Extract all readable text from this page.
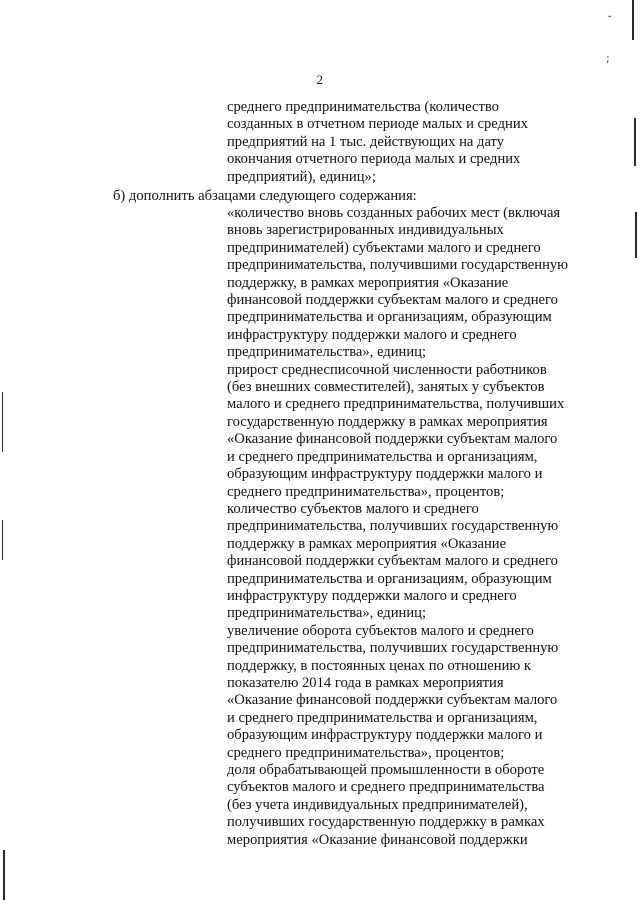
˘
;
2
среднего предпринимательства (количество
созданных в отчетном периоде малых и средних
предприятий на 1 тыс. действующих на дату
окончания отчетного периода малых и средних
предприятий), единиц»;
б) дополнить абзацами следующего содержания:
«количество вновь созданных рабочих мест (включая
вновь зарегистрированных индивидуальных
предпринимателей) субъектами малого и среднего
предпринимательства, получившими государственную
поддержку, в рамках мероприятия «Оказание
финансовой поддержки субъектам малого и среднего
предпринимательства и организациям, образующим
инфраструктуру поддержки малого и среднего
предпринимательства», единиц;
прирост среднесписочной численности работников
(без внешних совместителей), занятых у субъектов
малого и среднего предпринимательства, получивших
государственную поддержку в рамках мероприятия
«Оказание финансовой поддержки субъектам малого
и среднего предпринимательства и организациям,
образующим инфраструктуру поддержки малого и
среднего предпринимательства», процентов;
количество субъектов малого и среднего
предпринимательства, получивших государственную
поддержку в рамках мероприятия «Оказание
финансовой поддержки субъектам малого и среднего
предпринимательства и организациям, образующим
инфраструктуру поддержки малого и среднего
предпринимательства», единиц;
увеличение оборота субъектов малого и среднего
предпринимательства, получивших государственную
поддержку, в постоянных ценах по отношению к
показателю 2014 года в рамках мероприятия
«Оказание финансовой поддержки субъектам малого
и среднего предпринимательства и организациям,
образующим инфраструктуру поддержки малого и
среднего предпринимательства», процентов;
доля обрабатывающей промышленности в обороте
субъектов малого и среднего предпринимательства
(без учета индивидуальных предпринимателей),
получивших государственную поддержку в рамках
мероприятия «Оказание финансовой поддержки
